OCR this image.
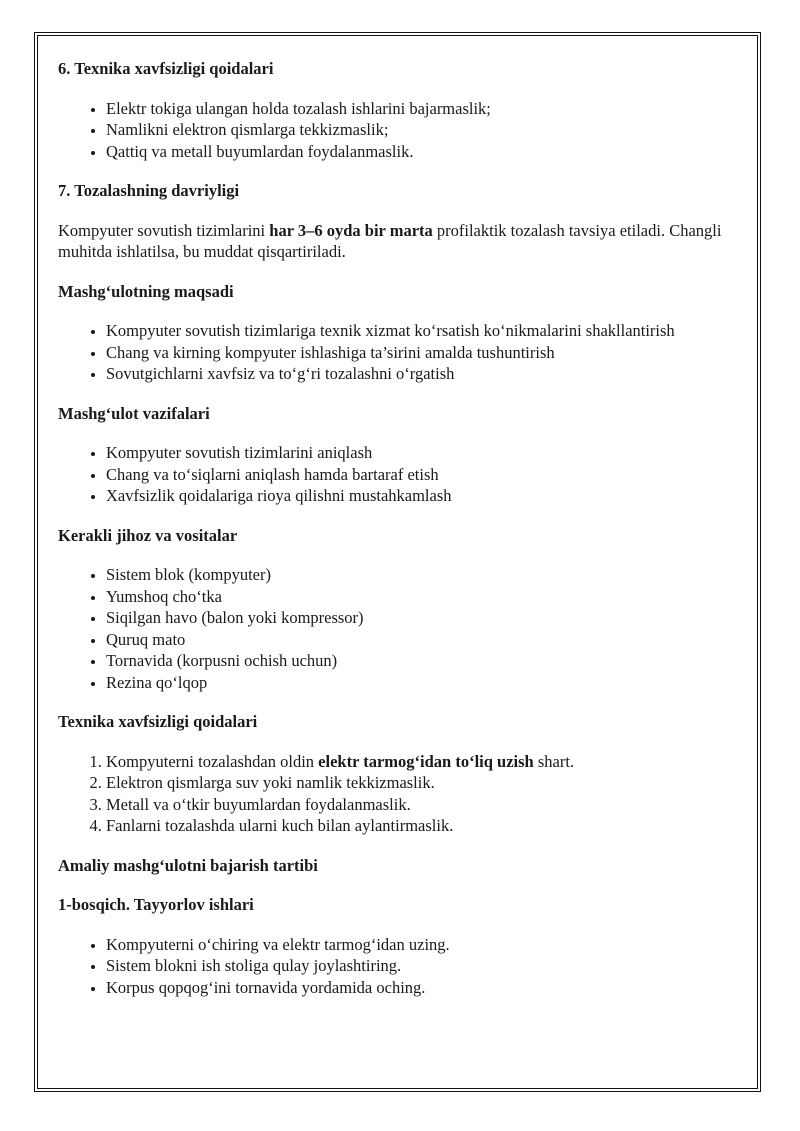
6. Texnika xavfsizligi qoidalari
• Elektr tokiga ulangan holda tozalash ishlarini bajarmaslik;
• Namlikni elektron qismlarga tekkizmaslik;
• Qattiq va metall buyumlardan foydalanmaslik.
7. Tozalashning davriyligi

Kompyuter sovutish tizimlarini har 3–6 oyda bir marta profilaktik tozalash tavsiya etiladi. Changli muhitda ishlatilsa, bu muddat qisqartiriladi.

Mashg‘ulotning maqsadi
• Kompyuter sovutish tizimlariga texnik xizmat ko‘rsatish ko‘nikmalarini shakllantirish
• Chang va kirning kompyuter ishlashiga ta’sirini amalda tushuntirish
• Sovutgichlarni xavfsiz va to‘g‘ri tozalashni o‘rgatish
Mashg‘ulot vazifalari
• Kompyuter sovutish tizimlarini aniqlash
• Chang va to‘siqlarni aniqlash hamda bartaraf etish
• Xavfsizlik qoidalariga rioya qilishni mustahkamlash
Kerakli jihoz va vositalar
• Sistem blok (kompyuter)
• Yumshoq cho‘tka
• Siqilgan havo (balon yoki kompressor)
• Quruq mato
• Tornavida (korpusni ochish uchun)
• Rezina qo‘lqop
Texnika xavfsizligi qoidalari
1. Kompyuterni tozalashdan oldin elektr tarmog‘idan to‘liq uzish shart.
2. Elektron qismlarga suv yoki namlik tekkizmaslik.
3. Metall va o‘tkir buyumlardan foydalanmaslik.
4. Fanlarni tozalashda ularni kuch bilan aylantirmaslik.
Amaliy mashg‘ulotni bajarish tartibi
1-bosqich. Tayyorlov ishlari
• Kompyuterni o‘chiring va elektr tarmog‘idan uzing.
• Sistem blokni ish stoliga qulay joylashtiring.
• Korpus qopqog‘ini tornavida yordamida oching.
